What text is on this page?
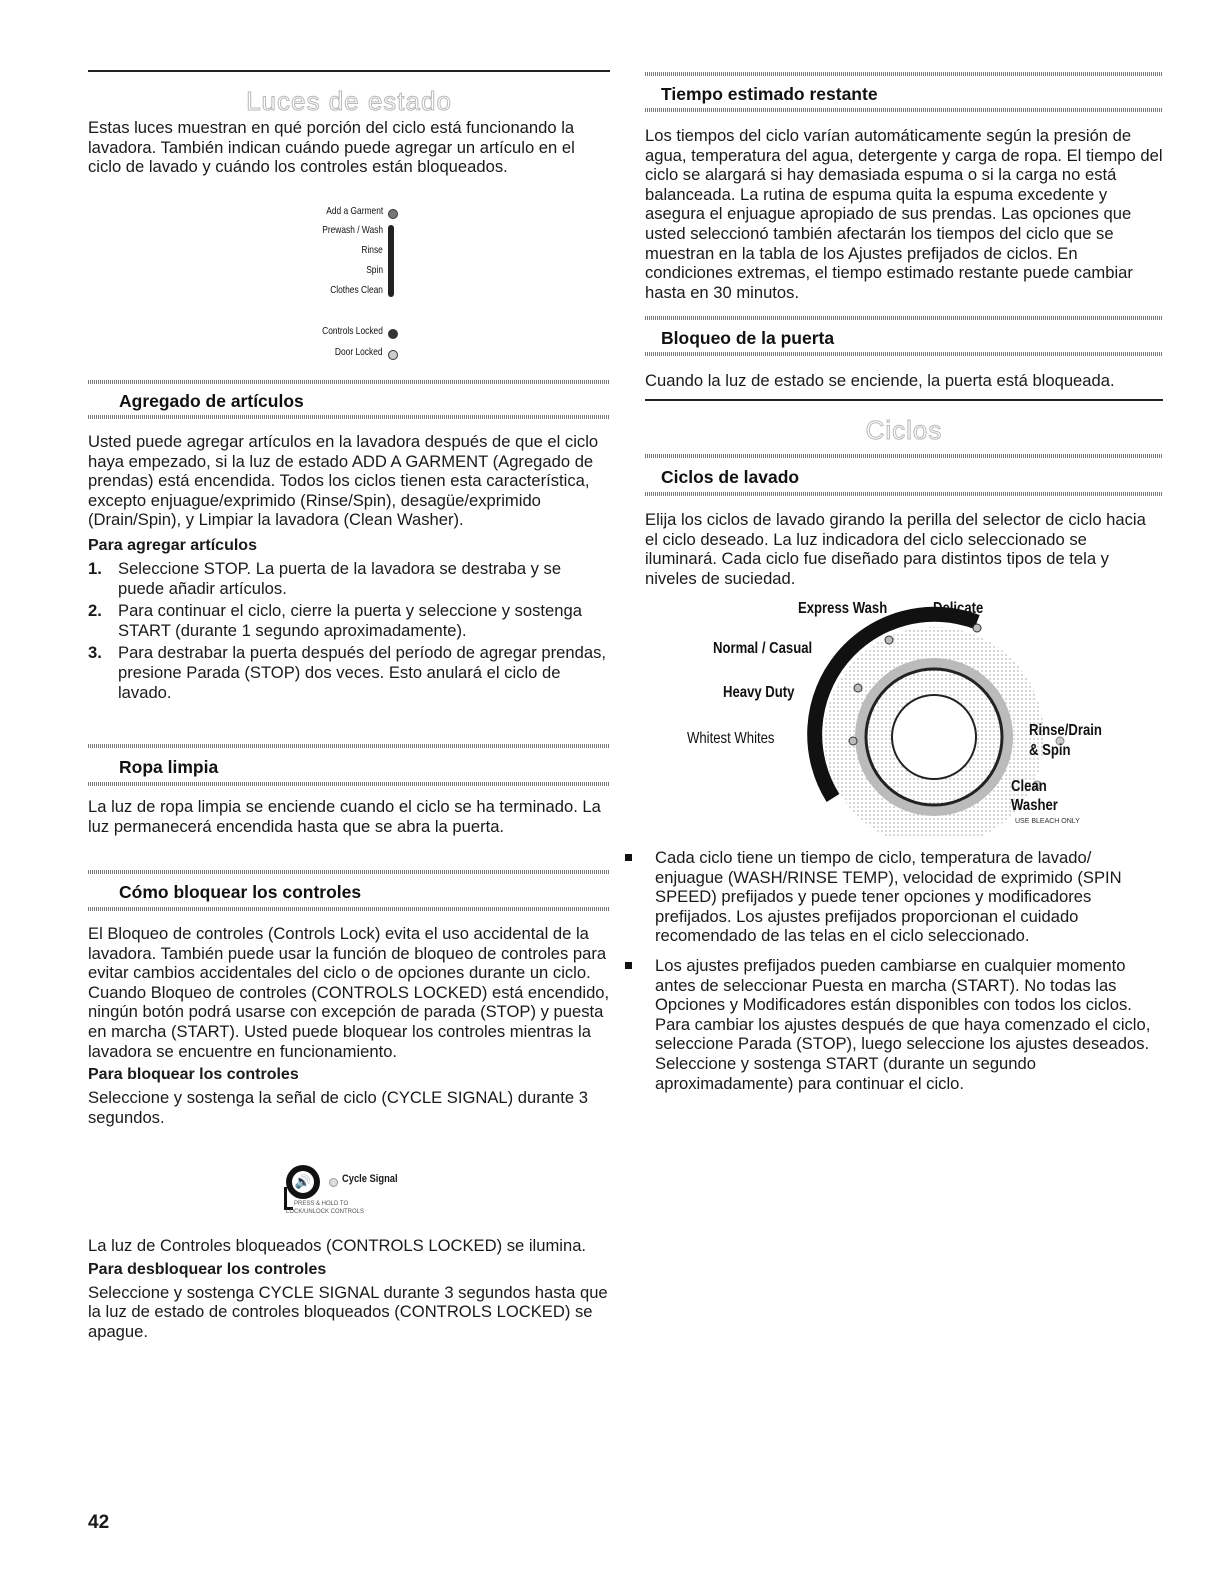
Luces de estado

Estas luces muestran en qué porción del ciclo está funcionando la lavadora. También indican cuándo puede agregar un artículo en el ciclo de lavado y cuándo los controles están bloqueados.

Add a Garment
Prewash / Wash
Rinse
Spin
Clothes Clean
Controls Locked
Door Locked
Agregado de artículos

Usted puede agregar artículos en la lavadora después de que el ciclo haya empezado, si la luz de estado ADD A GARMENT (Agregado de prendas) está encendida. Todos los ciclos tienen esta característica, excepto enjuague/exprimido (Rinse/Spin), desagüe/exprimido (Drain/Spin), y Limpiar la lavadora (Clean Washer).

Para agregar artículos

1. Seleccione STOP. La puerta de la lavadora se destraba y se puede añadir artículos.
2. Para continuar el ciclo, cierre la puerta y seleccione y sostenga START (durante 1 segundo aproximadamente).
3. Para destrabar la puerta después del período de agregar prendas, presione Parada (STOP) dos veces. Esto anulará el ciclo de lavado.
Ropa limpia

La luz de ropa limpia se enciende cuando el ciclo se ha terminado. La luz permanecerá encendida hasta que se abra la puerta.

Cómo bloquear los controles

El Bloqueo de controles (Controls Lock) evita el uso accidental de la lavadora. También puede usar la función de bloqueo de controles para evitar cambios accidentales del ciclo o de opciones durante un ciclo. Cuando Bloqueo de controles (CONTROLS LOCKED) está encendido, ningún botón podrá usarse con excepción de parada (STOP) y puesta en marcha (START). Usted puede bloquear los controles mientras la lavadora se encuentre en funcionamiento.

Para bloquear los controles

Seleccione y sostenga la señal de ciclo (CYCLE SIGNAL) durante 3 segundos.

🔊	Cycle Signal
PRESS & HOLD TO
LOCK/UNLOCK CONTROLS

La luz de Controles bloqueados (CONTROLS LOCKED) se ilumina.

Para desbloquear los controles

Seleccione y sostenga CYCLE SIGNAL durante 3 segundos hasta que la luz de estado de controles bloqueados (CONTROLS LOCKED) se apague.

Tiempo estimado restante

Los tiempos del ciclo varían automáticamente según la presión de agua, temperatura del agua, detergente y carga de ropa. El tiempo del ciclo se alargará si hay demasiada espuma o si la carga no está balanceada. La rutina de espuma quita la espuma excedente y asegura el enjuague apropiado de sus prendas. Las opciones que usted seleccionó también afectarán los tiempos del ciclo que se muestran en la tabla de los Ajustes prefijados de ciclos. En condiciones extremas, el tiempo estimado restante puede cambiar hasta en 30 minutos.

Bloqueo de la puerta

Cuando la luz de estado se enciende, la puerta está bloqueada.

Ciclos
Ciclos de lavado

Elija los ciclos de lavado girando la perilla del selector de ciclo hacia el ciclo deseado. La luz indicadora del ciclo seleccionado se iluminará. Cada ciclo fue diseñado para distintos tipos de tela y niveles de suciedad.

Express Wash	Delicate
Normal / Casual
Heavy Duty
Whitest Whites	Rinse/Drain
& Spin
Clean
Washer
USE BLEACH ONLY
Cada ciclo tiene un tiempo de ciclo, temperatura de lavado/ enjuague (WASH/RINSE TEMP), velocidad de exprimido (SPIN SPEED) prefijados y puede tener opciones y modificadores prefijados. Los ajustes prefijados proporcionan el cuidado recomendado de las telas en el ciclo seleccionado.
Los ajustes prefijados pueden cambiarse en cualquier momento antes de seleccionar Puesta en marcha (START). No todas las Opciones y Modificadores están disponibles con todos los ciclos. Para cambiar los ajustes después de que haya comenzado el ciclo, seleccione Parada (STOP), luego seleccione los ajustes deseados. Seleccione y sostenga START (durante un segundo aproximadamente) para continuar el ciclo.
42
